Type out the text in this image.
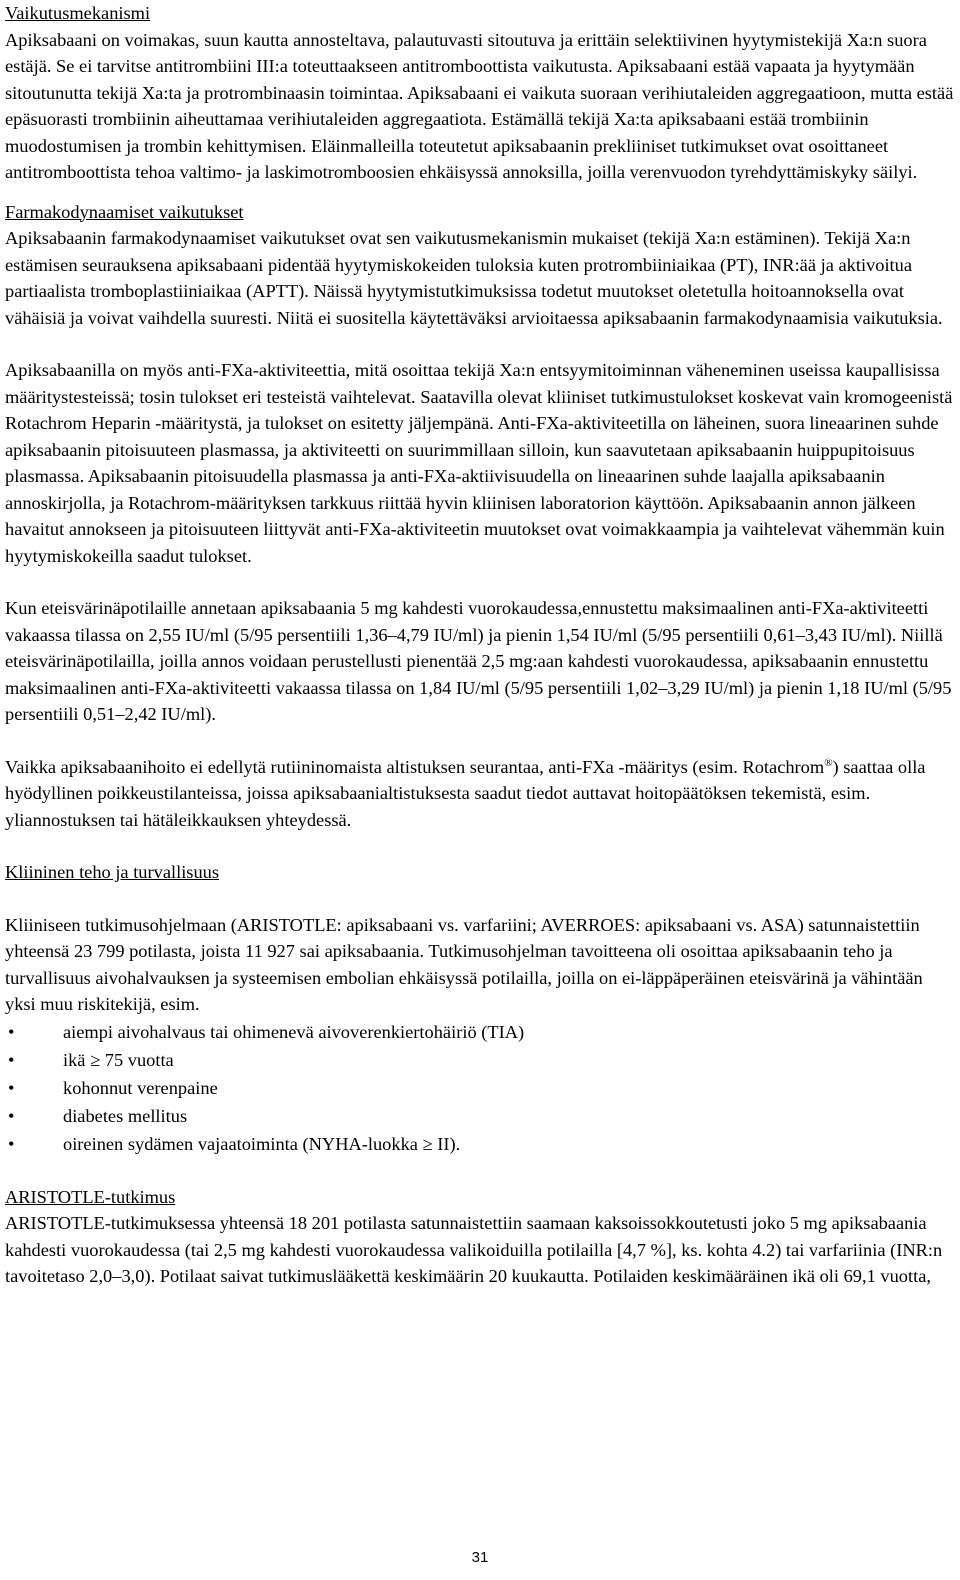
Vaikutusmekanismi

Apiksabaani on voimakas, suun kautta annosteltava, palautuvasti sitoutuva ja erittäin selektiivinen hyytymistekijä Xa:n suora estäjä. Se ei tarvitse antitrombiini III:a toteuttaakseen antitromboottista vaikutusta. Apiksabaani estää vapaata ja hyytymään sitoutunutta tekijä Xa:ta ja protrombinaasin toimintaa. Apiksabaani ei vaikuta suoraan verihiutaleiden aggregaatioon, mutta estää epäsuorasti trombiinin aiheuttamaa verihiutaleiden aggregaatiota. Estämällä tekijä Xa:ta apiksabaani estää trombiinin muodostumisen ja trombin kehittymisen. Eläinmalleilla toteutetut apiksabaanin prekliiniset tutkimukset ovat osoittaneet antitromboottista tehoa valtimo- ja laskimotromboosien ehkäisyssä annoksilla, joilla verenvuodon tyrehdyttämiskyky säilyi.

Farmakodynaamiset vaikutukset

Apiksabaanin farmakodynaamiset vaikutukset ovat sen vaikutusmekanismin mukaiset (tekijä Xa:n estäminen). Tekijä Xa:n estämisen seurauksena apiksabaani pidentää hyytymiskokeiden tuloksia kuten protrombiiniaikaa (PT), INR:ää ja aktivoitua partiaalista tromboplastiiniaikaa (APTT). Näissä hyytymistutkimuksissa todetut muutokset oletetulla hoitoannoksella ovat vähäisiä ja voivat vaihdella suuresti. Niitä ei suositella käytettäväksi arvioitaessa apiksabaanin farmakodynaamisia vaikutuksia.

Apiksabaanilla on myös anti-FXa-aktiviteettia, mitä osoittaa tekijä Xa:n entsyymitoiminnan väheneminen useissa kaupallisissa määritystesteissä; tosin tulokset eri testeistä vaihtelevat. Saatavilla olevat kliiniset tutkimustulokset koskevat vain kromogeenistä Rotachrom Heparin -määritystä, ja tulokset on esitetty jäljempänä. Anti-FXa-aktiviteetilla on läheinen, suora lineaarinen suhde apiksabaanin pitoisuuteen plasmassa, ja aktiviteetti on suurimmillaan silloin, kun saavutetaan apiksabaanin huippupitoisuus plasmassa. Apiksabaanin pitoisuudella plasmassa ja anti-FXa-aktiivisuudella on lineaarinen suhde laajalla apiksabaanin annoskirjolla, ja Rotachrom-määrityksen tarkkuus riittää hyvin kliinisen laboratorion käyttöön. Apiksabaanin annon jälkeen havaitut annokseen ja pitoisuuteen liittyvät anti-FXa-aktiviteetin muutokset ovat voimakkaampia ja vaihtelevat vähemmän kuin hyytymiskokeilla saadut tulokset.

Kun eteisvärinäpotilaille annetaan apiksabaania 5 mg kahdesti vuorokaudessa,ennustettu maksimaalinen anti-FXa-aktiviteetti vakaassa tilassa on 2,55 IU/ml (5/95 persentiili 1,36–4,79 IU/ml) ja pienin 1,54 IU/ml (5/95 persentiili 0,61–3,43 IU/ml). Niillä eteisvärinäpotilailla, joilla annos voidaan perustellusti pienentää 2,5 mg:aan kahdesti vuorokaudessa, apiksabaanin ennustettu maksimaalinen anti-FXa-aktiviteetti vakaassa tilassa on 1,84 IU/ml (5/95 persentiili 1,02–3,29 IU/ml) ja pienin 1,18 IU/ml (5/95 persentiili 0,51–2,42 IU/ml).

Vaikka apiksabaanihoito ei edellytä rutiininomaista altistuksen seurantaa, anti-FXa -määritys (esim. Rotachrom®) saattaa olla hyödyllinen poikkeustilanteissa, joissa apiksabaanialtistuksesta saadut tiedot auttavat hoitopäätöksen tekemistä, esim. yliannostuksen tai hätäleikkauksen yhteydessä.

Kliininen teho ja turvallisuus

Kliiniseen tutkimusohjelmaan (ARISTOTLE: apiksabaani vs. varfariini; AVERROES: apiksabaani vs. ASA) satunnaistettiin yhteensä 23 799 potilasta, joista 11 927 sai apiksabaania. Tutkimusohjelman tavoitteena oli osoittaa apiksabaanin teho ja turvallisuus aivohalvauksen ja systeemisen embolian ehkäisyssä potilailla, joilla on ei-läppäperäinen eteisvärinä ja vähintään yksi muu riskitekijä, esim.

•	aiempi aivohalvaus tai ohimenevä aivoverenkiertohäiriö (TIA)
•	ikä ≥ 75 vuotta
•	kohonnut verenpaine
•	diabetes mellitus
•	oireinen sydämen vajaatoiminta (NYHA-luokka ≥ II).
ARISTOTLE-tutkimus

ARISTOTLE-tutkimuksessa yhteensä 18 201 potilasta satunnaistettiin saamaan kaksoissokkoutetusti joko 5 mg apiksabaania kahdesti vuorokaudessa (tai 2,5 mg kahdesti vuorokaudessa valikoiduilla potilailla [4,7 %], ks. kohta 4.2) tai varfariinia (INR:n tavoitetaso 2,0–3,0). Potilaat saivat tutkimuslääkettä keskimäärin 20 kuukautta. Potilaiden keskimääräinen ikä oli 69,1 vuotta,

31
